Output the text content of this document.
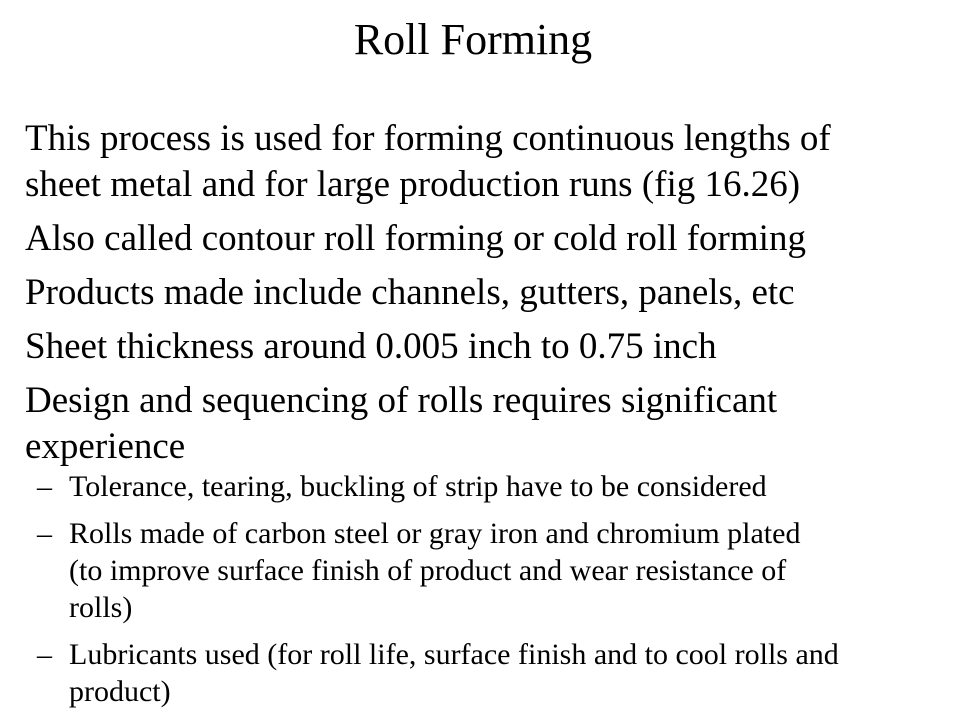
Roll Forming
This process is used for forming continuous lengths of
sheet metal and for large production runs (fig 16.26)
Also called contour roll forming or cold roll forming
Products made include channels, gutters, panels, etc
Sheet thickness around 0.005 inch to 0.75 inch
Design and sequencing of rolls requires significant
experience
– Tolerance, tearing, buckling of strip have to be considered
– Rolls made of carbon steel or gray iron and chromium plated
(to improve surface finish of product and wear resistance of
rolls)
– Lubricants used (for roll life, surface finish and to cool rolls and
product)
